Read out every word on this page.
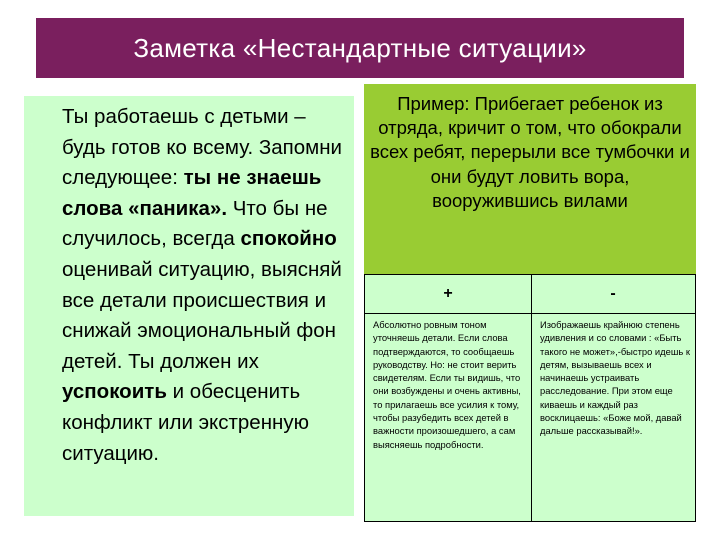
Заметка «Нестандартные ситуации»
Ты работаешь с детьми – будь готов ко всему. Запомни следующее: ты не знаешь слова «паника». Что бы не случилось, всегда спокойно оценивай ситуацию, выясняй все детали происшествия и снижай эмоциональный фон детей. Ты должен их успокоить и обесценить конфликт или экстренную ситуацию.
Пример: Прибегает ребенок из отряда, кричит о том, что обокрали всех ребят, перерыли все тумбочки и они будут ловить вора, вооружившись вилами
+	-
Абсолютно ровным тоном уточняешь детали. Если слова подтверждаются, то сообщаешь руководству. Но: не стоит верить свидетелям. Если ты видишь, что они возбуждены и очень активны, то прилагаешь все усилия к тому, чтобы разубедить всех детей в важности произошедшего, а сам выясняешь подробности.
Изображаешь крайнюю степень удивления и со словами : «Быть такого не может»,-быстро идешь к детям, вызываешь всех и начинаешь устраивать расследование. При этом еще киваешь и каждый раз восклицаешь: «Боже мой, давай дальше рассказывай!».
